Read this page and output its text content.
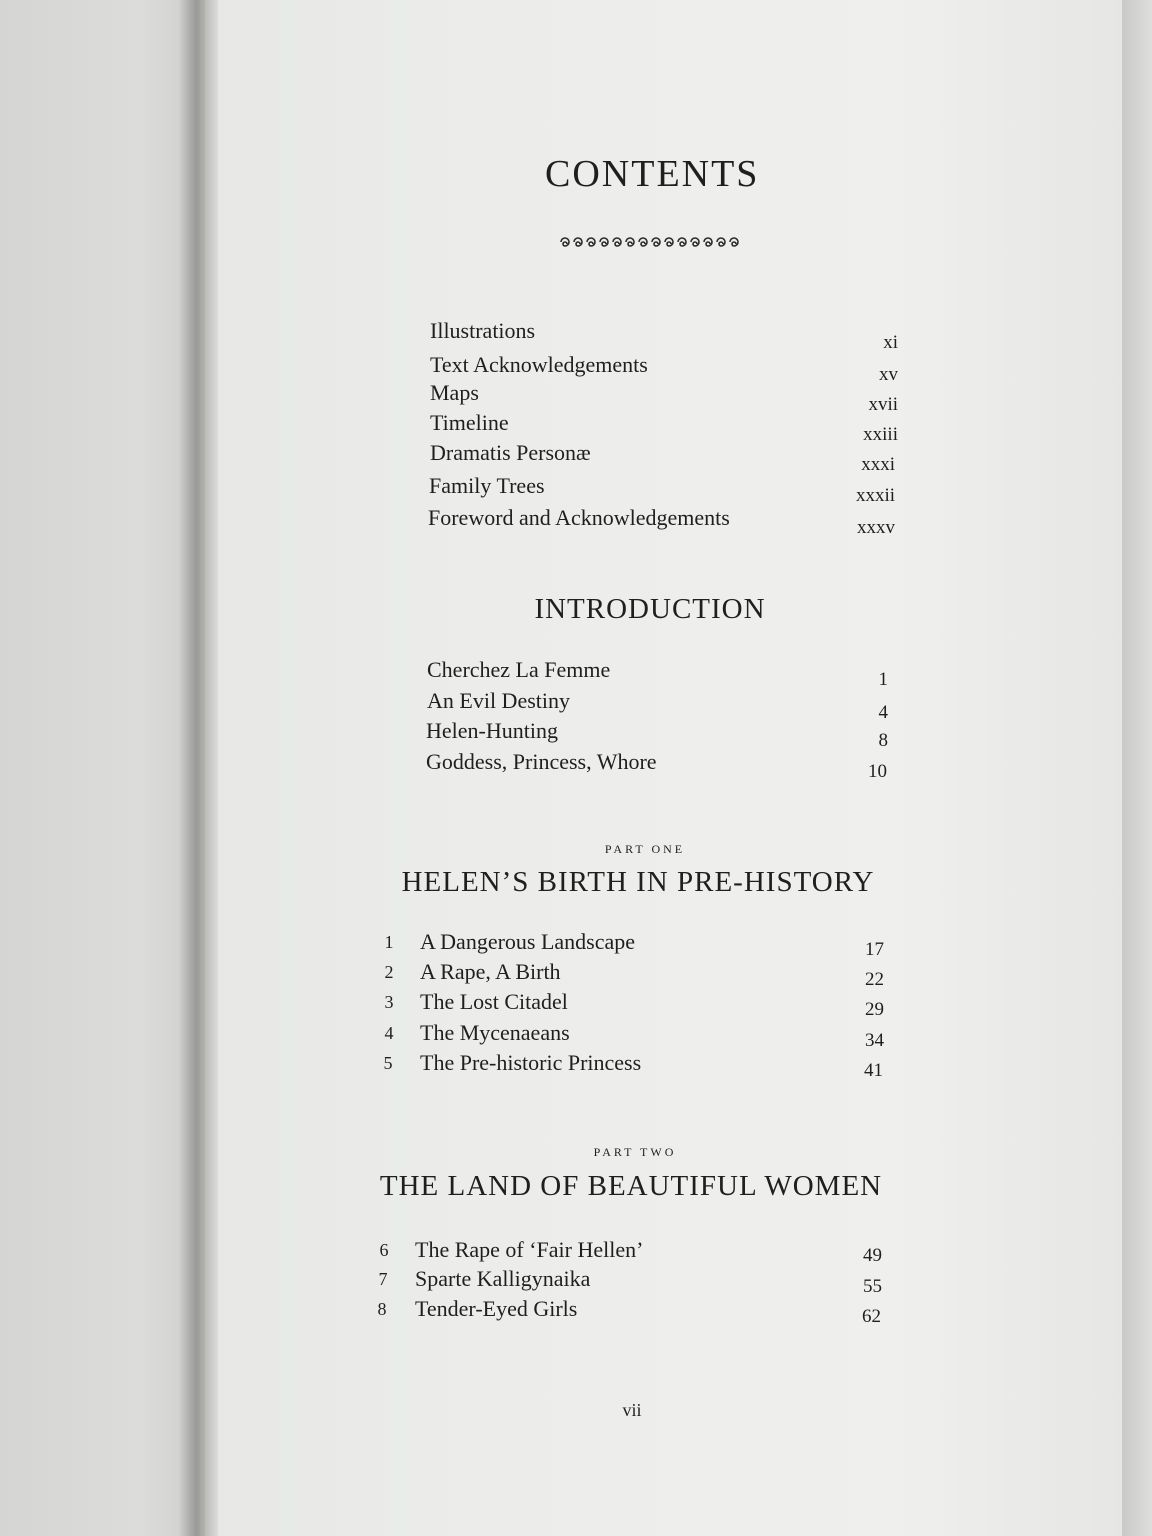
CONTENTS
Illustrations	xi
Text Acknowledgements	xv
Maps	xvii
Timeline	xxiii
Dramatis Personæ	xxxi
Family Trees	xxxii
Foreword and Acknowledgements	xxxv
INTRODUCTION
Cherchez La Femme	1
An Evil Destiny	4
Helen-Hunting	8
Goddess, Princess, Whore	10
PART ONE
HELEN’S BIRTH IN PRE-HISTORY
1 A Dangerous Landscape	17
2 A Rape, A Birth	22
3 The Lost Citadel	29
4 The Mycenaeans	34
5 The Pre-historic Princess	41
PART TWO
THE LAND OF BEAUTIFUL WOMEN
6 The Rape of ‘Fair Hellen’	49
7 Sparte Kalligynaika	55
8 Tender-Eyed Girls	62
vii
